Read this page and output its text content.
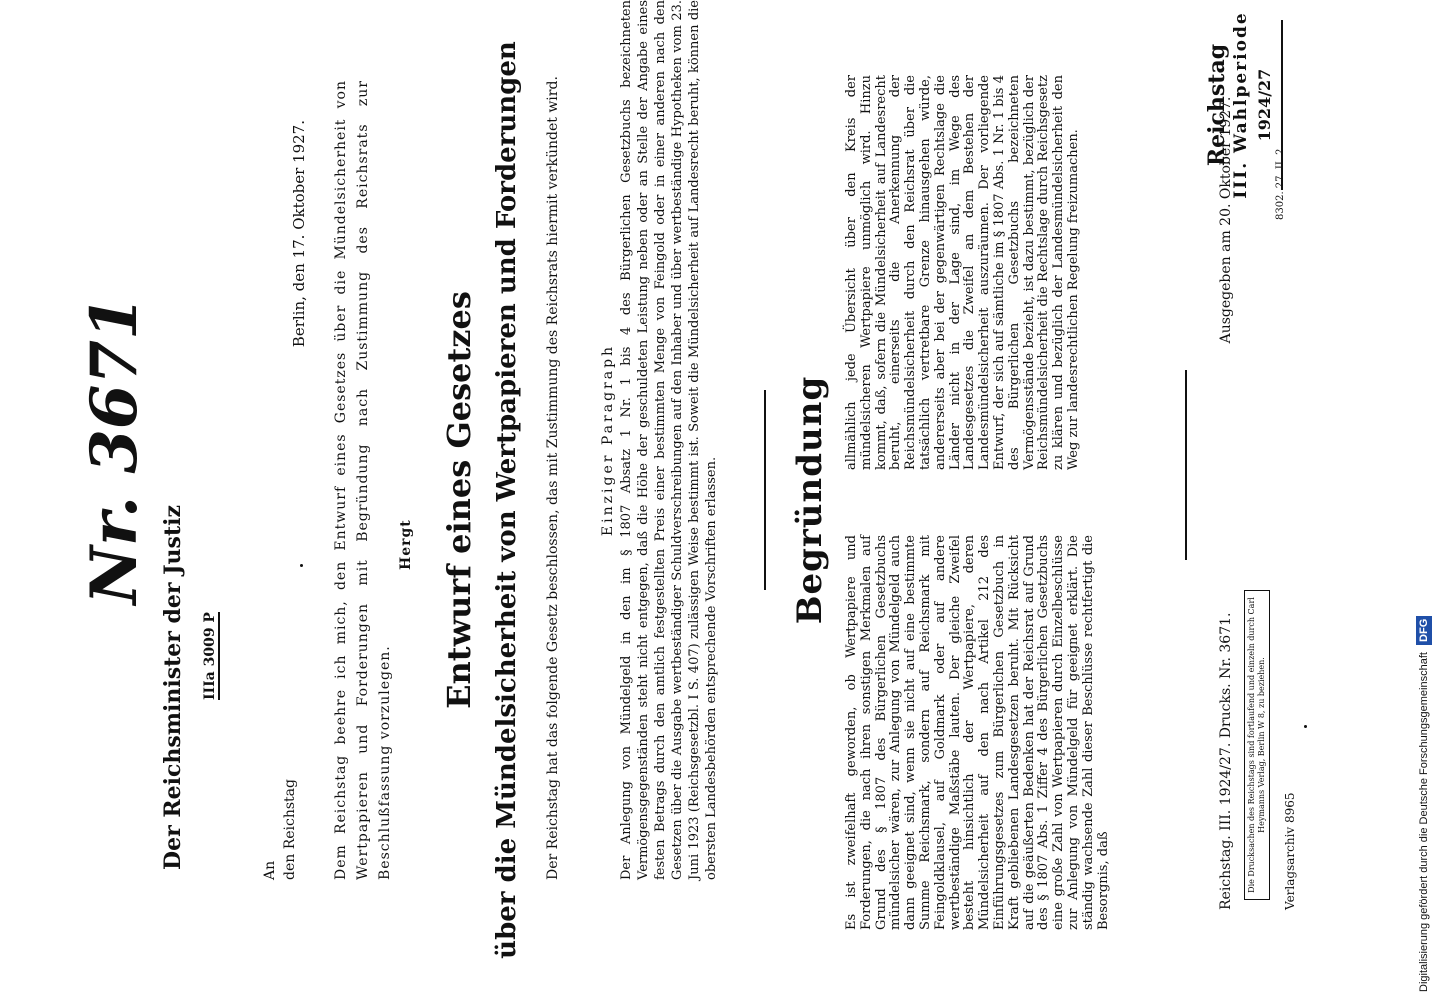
Reichstag III. Wahlperiode 1924/27
Nr. 3671
Der Reichsminister der Justiz IIIa 3009 P
An den Reichstag
Berlin, den 17. Oktober 1927. Dem Reichstag beehre ich mich, den Entwurf eines Gesetzes über die Mündelsicherheit von Wertpapieren und Forderungen mit Begründung nach Zustimmung des Reichsrats zur Beschlußfassung vorzulegen.
Hergt Entwurf eines Gesetzes über die Mündelsicherheit von Wertpapieren und Forderungen Der Reichstag hat das folgende Gesetz beschlossen, das mit Zustimmung des Reichsrats hiermit verkündet wird.	Einziger Paragraph Der Anlegung von Mündelgeld in den im § 1807 Absatz 1 Nr. 1 bis 4 des Bürgerlichen Gesetzbuchs bezeichneten Vermögensgegenständen steht nicht entgegen, daß die Höhe der geschuldeten Leistung neben oder an Stelle der Angabe eines festen Betrags durch den amtlich festgestellten Preis einer bestimmten Menge von Feingold oder in einer anderen nach den Gesetzen über die Ausgabe wertbeständiger Schuldverschreibungen auf den Inhaber und über wertbeständige Hypotheken vom 23. Juni 1923 (Reichsgesetzbl. I S. 407) zulässigen Weise bestimmt ist. Soweit die Mündelsicherheit auf Landesrecht beruht, können die obersten Landesbehörden entsprechende Vorschriften erlassen. Begründung
Es ist zweifelhaft geworden, ob Wertpapiere und Forderungen, die nach ihren sonstigen Merkmalen auf Grund des § 1807 des Bürgerlichen Gesetzbuchs mündelsicher wären, zur Anlegung von Mündelgeld auch dann geeignet sind, wenn sie nicht auf eine bestimmte Summe Reichsmark, sondern auf Reichsmark mit Feingoldklausel, auf Goldmark oder auf andere wertbeständige Maßstäbe lauten. Der gleiche Zweifel besteht hinsichtlich der Wertpapiere, deren Mündelsicherheit auf den nach Artikel 212 des Einführungsgesetzes zum Bürgerlichen Gesetzbuch in Kraft gebliebenen Landesgesetzen beruht. Mit Rücksicht auf die geäußerten Bedenken hat der Reichsrat auf Grund des § 1807 Abs. 1 Ziffer 4 des Bürgerlichen Gesetzbuchs eine große Zahl von Wertpapieren durch Einzelbeschlüsse zur Anlegung von Mündelgeld für geeignet erklärt. Die ständig wachsende Zahl dieser Beschlüsse rechtfertigt die Besorgnis, daß
allmählich jede Übersicht über den Kreis der mündelsicheren Wertpapiere unmöglich wird. Hinzu kommt, daß, sofern die Mündelsicherheit auf Landesrecht beruht, einerseits die Anerkennung der Reichsmündelsicherheit durch den Reichsrat über die tatsächlich vertretbare Grenze hinausgehen würde, andererseits aber bei der gegenwärtigen Rechtslage die Länder nicht in der Lage sind, im Wege des Landesgesetzes die Zweifel an dem Bestehen der Landesmündelsicherheit auszuräumen. Der vorliegende Entwurf, der sich auf sämtliche im § 1807 Abs. 1 Nr. 1 bis 4 des Bürgerlichen Gesetzbuchs bezeichneten Vermögensstände bezieht, ist dazu bestimmt, bezüglich der Reichsmündelsicherheit die Rechtslage durch Reichsgesetz zu klären und bezüglich der Landesmündelsicherheit den Weg zur landesrechtlichen Regelung freizumachen.
Reichstag. III. 1924/27. Drucks. Nr. 3671.
Ausgegeben am 20. Oktober 1927.
Die Drucksachen des Reichstags sind fortlaufend und einzeln durch Carl Heymanns Verlag, Berlin W 8, zu beziehen.
Verlagsarchiv 8965
8302. 27. II. 2.
Digitalisierung gefördert durch die Deutsche Forschungsgemeinschaft DFG
